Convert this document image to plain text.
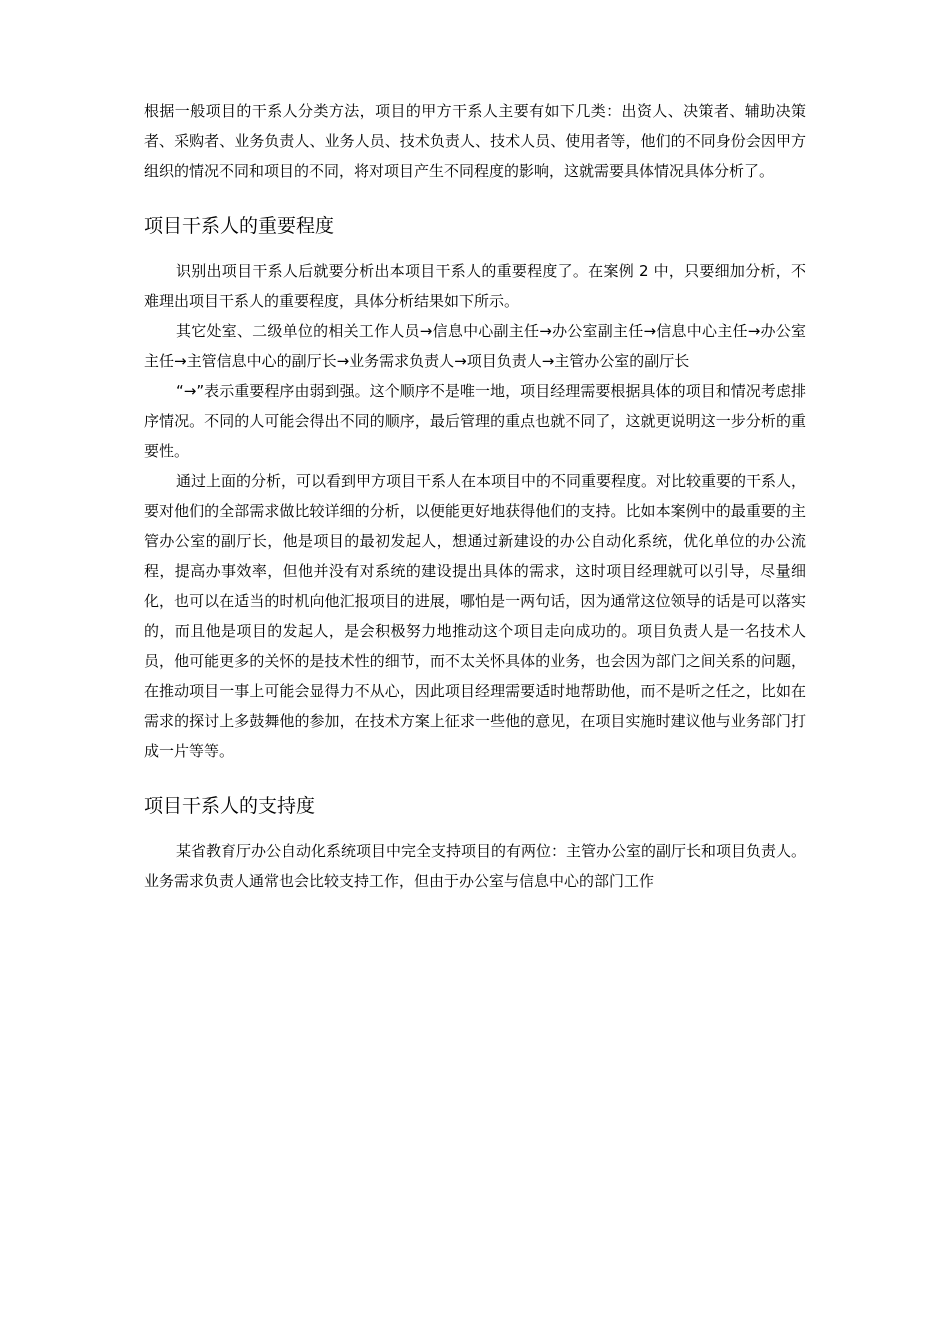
根据一般项目的干系人分类方法，项目的甲方干系人主要有如下几类：出资人、决策者、辅助决策者、采购者、业务负责人、业务人员、技术负责人、技术人员、使用者等，他们的不同身份会因甲方组织的情况不同和项目的不同，将对项目产生不同程度的影响，这就需要具体情况具体分析了。

项目干系人的重要程度

识别出项目干系人后就要分析出本项目干系人的重要程度了。在案例 2 中，只要细加分析，不难理出项目干系人的重要程度，具体分析结果如下所示。

其它处室、二级单位的相关工作人员→信息中心副主任→办公室副主任→信息中心主任→办公室主任→主管信息中心的副厅长→业务需求负责人→项目负责人→主管办公室的副厅长

“→”表示重要程序由弱到强。这个顺序不是唯一地，项目经理需要根据具体的项目和情况考虑排序情况。不同的人可能会得出不同的顺序，最后管理的重点也就不同了，这就更说明这一步分析的重要性。

通过上面的分析，可以看到甲方项目干系人在本项目中的不同重要程度。对比较重要的干系人，要对他们的全部需求做比较详细的分析，以便能更好地获得他们的支持。比如本案例中的最重要的主管办公室的副厅长，他是项目的最初发起人，想通过新建设的办公自动化系统，优化单位的办公流程，提高办事效率，但他并没有对系统的建设提出具体的需求，这时项目经理就可以引导，尽量细化，也可以在适当的时机向他汇报项目的进展，哪怕是一两句话，因为通常这位领导的话是可以落实的，而且他是项目的发起人，是会积极努力地推动这个项目走向成功的。项目负责人是一名技术人员，他可能更多的关怀的是技术性的细节，而不太关怀具体的业务，也会因为部门之间关系的问题，在推动项目一事上可能会显得力不从心，因此项目经理需要适时地帮助他，而不是听之任之，比如在需求的探讨上多鼓舞他的参加，在技术方案上征求一些他的意见，在项目实施时建议他与业务部门打成一片等等。

项目干系人的支持度

某省教育厅办公自动化系统项目中完全支持项目的有两位：主管办公室的副厅长和项目负责人。业务需求负责人通常也会比较支持工作，但由于办公室与信息中心的部门工作
